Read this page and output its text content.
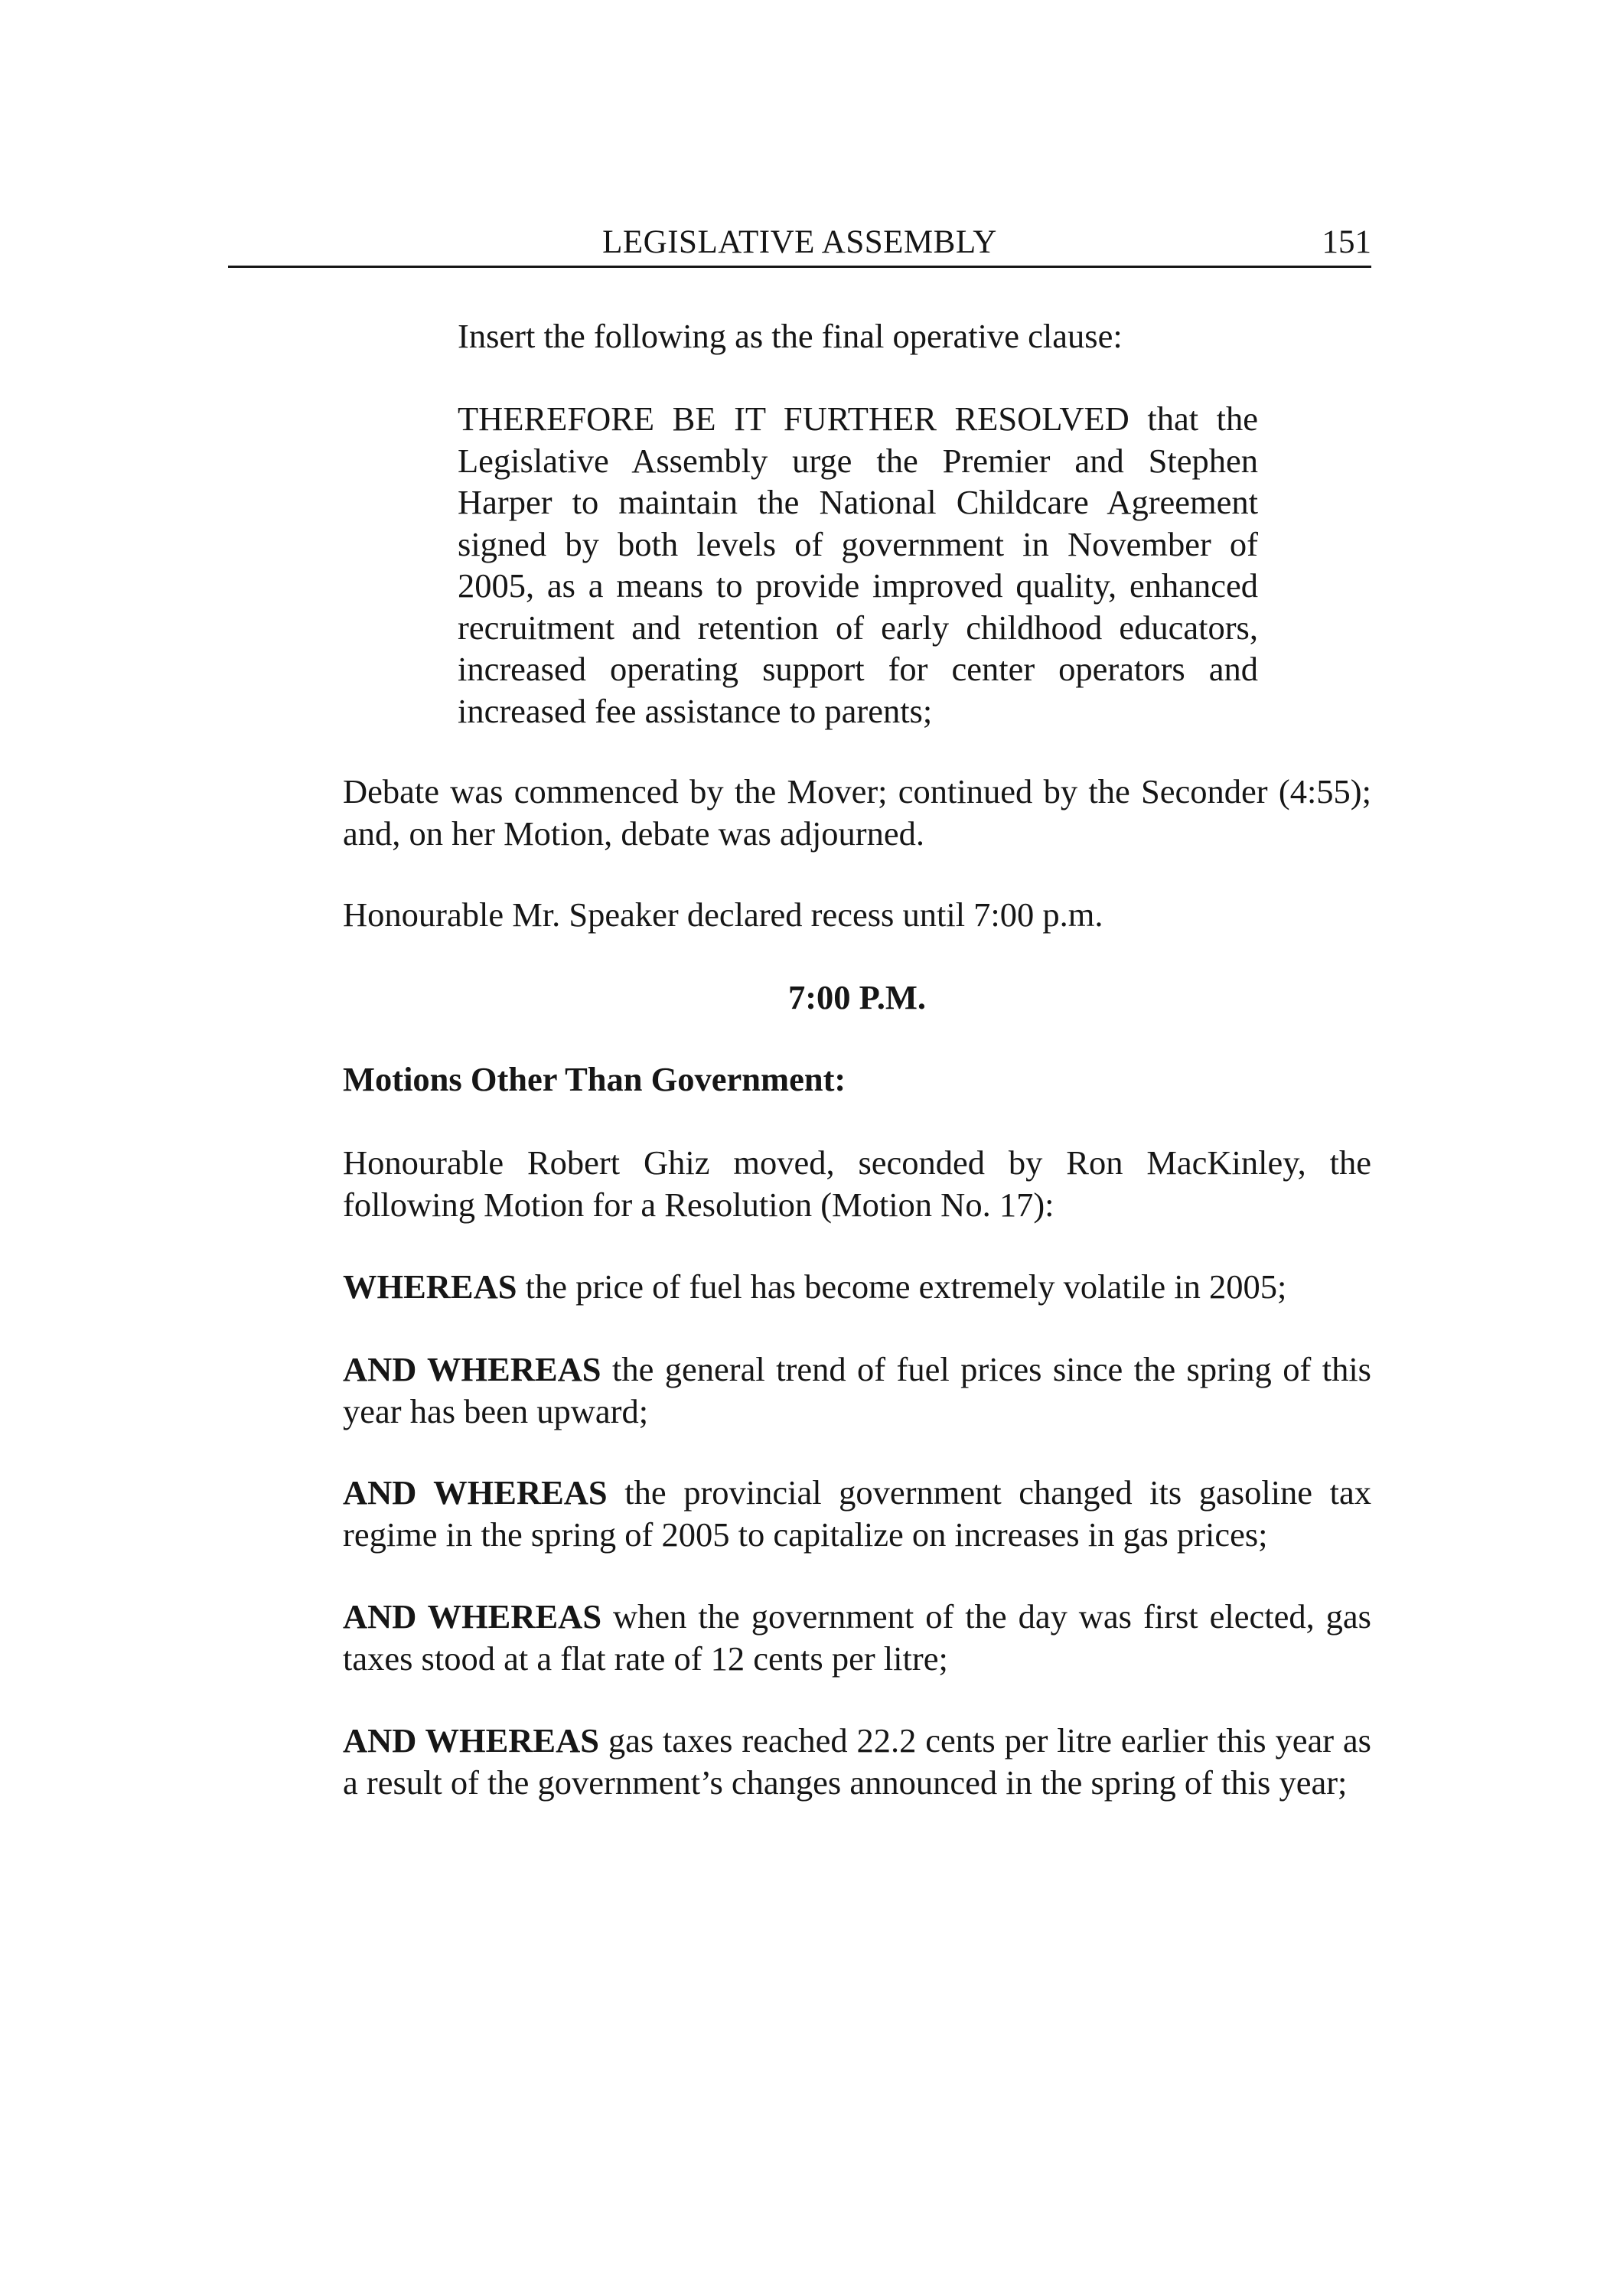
LEGISLATIVE ASSEMBLY	151

Insert the following as the final operative clause:

THEREFORE BE IT FURTHER RESOLVED that the Legislative Assembly urge the Premier and Stephen Harper to maintain the National Childcare Agreement signed by both levels of government in November of 2005, as a means to provide improved quality, enhanced recruitment and retention of early childhood educators, increased operating support for center operators and increased fee assistance to parents;

Debate was commenced by the Mover; continued by the Seconder (4:55); and, on her Motion, debate was adjourned.

Honourable Mr. Speaker declared recess until 7:00 p.m.

7:00 P.M.

Motions Other Than Government:

Honourable Robert Ghiz moved, seconded by Ron MacKinley, the following Motion for a Resolution (Motion No. 17):

WHEREAS the price of fuel has become extremely volatile in 2005;

AND WHEREAS the general trend of fuel prices since the spring of this year has been upward;

AND WHEREAS the provincial government changed its gasoline tax regime in the spring of 2005 to capitalize on increases in gas prices;

AND WHEREAS when the government of the day was first elected, gas taxes stood at a flat rate of 12 cents per litre;

AND WHEREAS gas taxes reached 22.2 cents per litre earlier this year as a result of the government’s changes announced in the spring of this year;
